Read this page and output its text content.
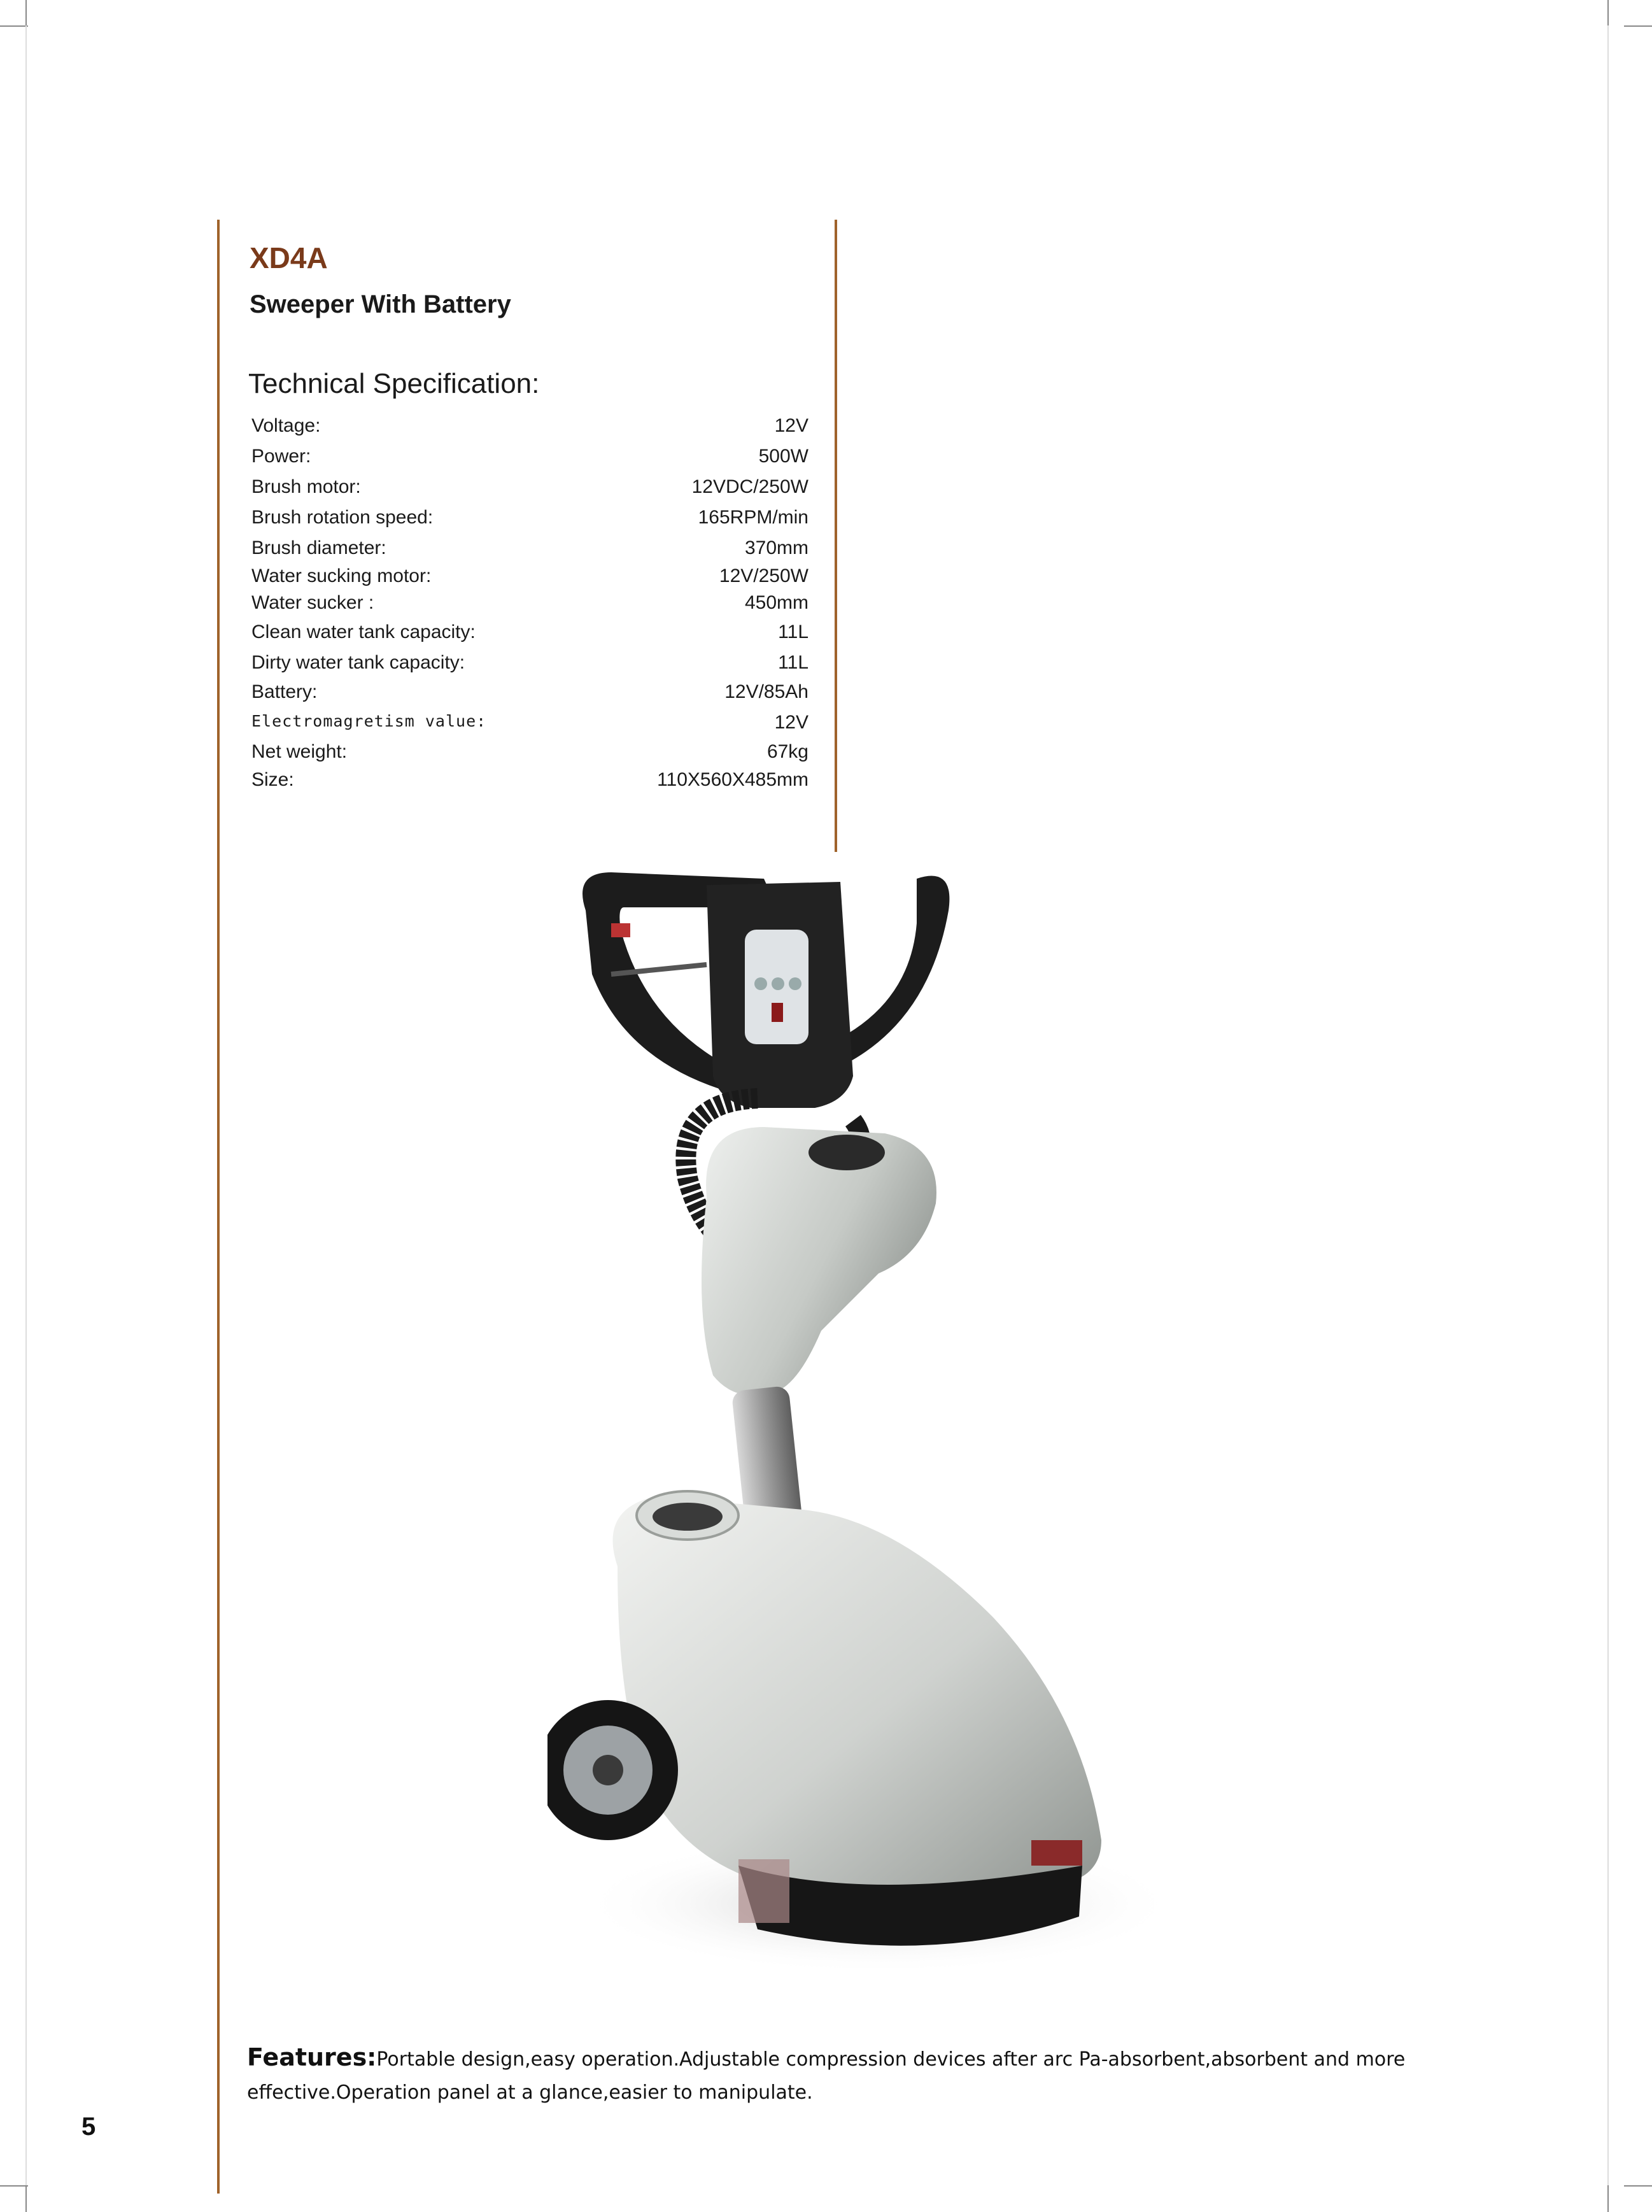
XD4A
Sweeper With Battery
Technical Specification:
Voltage:	12V
Power:	500W
Brush motor:	12VDC/250W
Brush rotation speed:	165RPM/min
Brush diameter:	370mm
Water sucking motor:	12V/250W
Water sucker :	450mm
Clean water tank capacity:	11L
Dirty water tank capacity:	11L
Battery:	12V/85Ah
Electromagretism value:	12V
Net weight:	67kg
Size:	110X560X485mm
Features:Portable design,easy operation.Adjustable compression devices after arc Pa-absorbent,absorbent and more effective.Operation panel at a glance,easier to manipulate.
5
